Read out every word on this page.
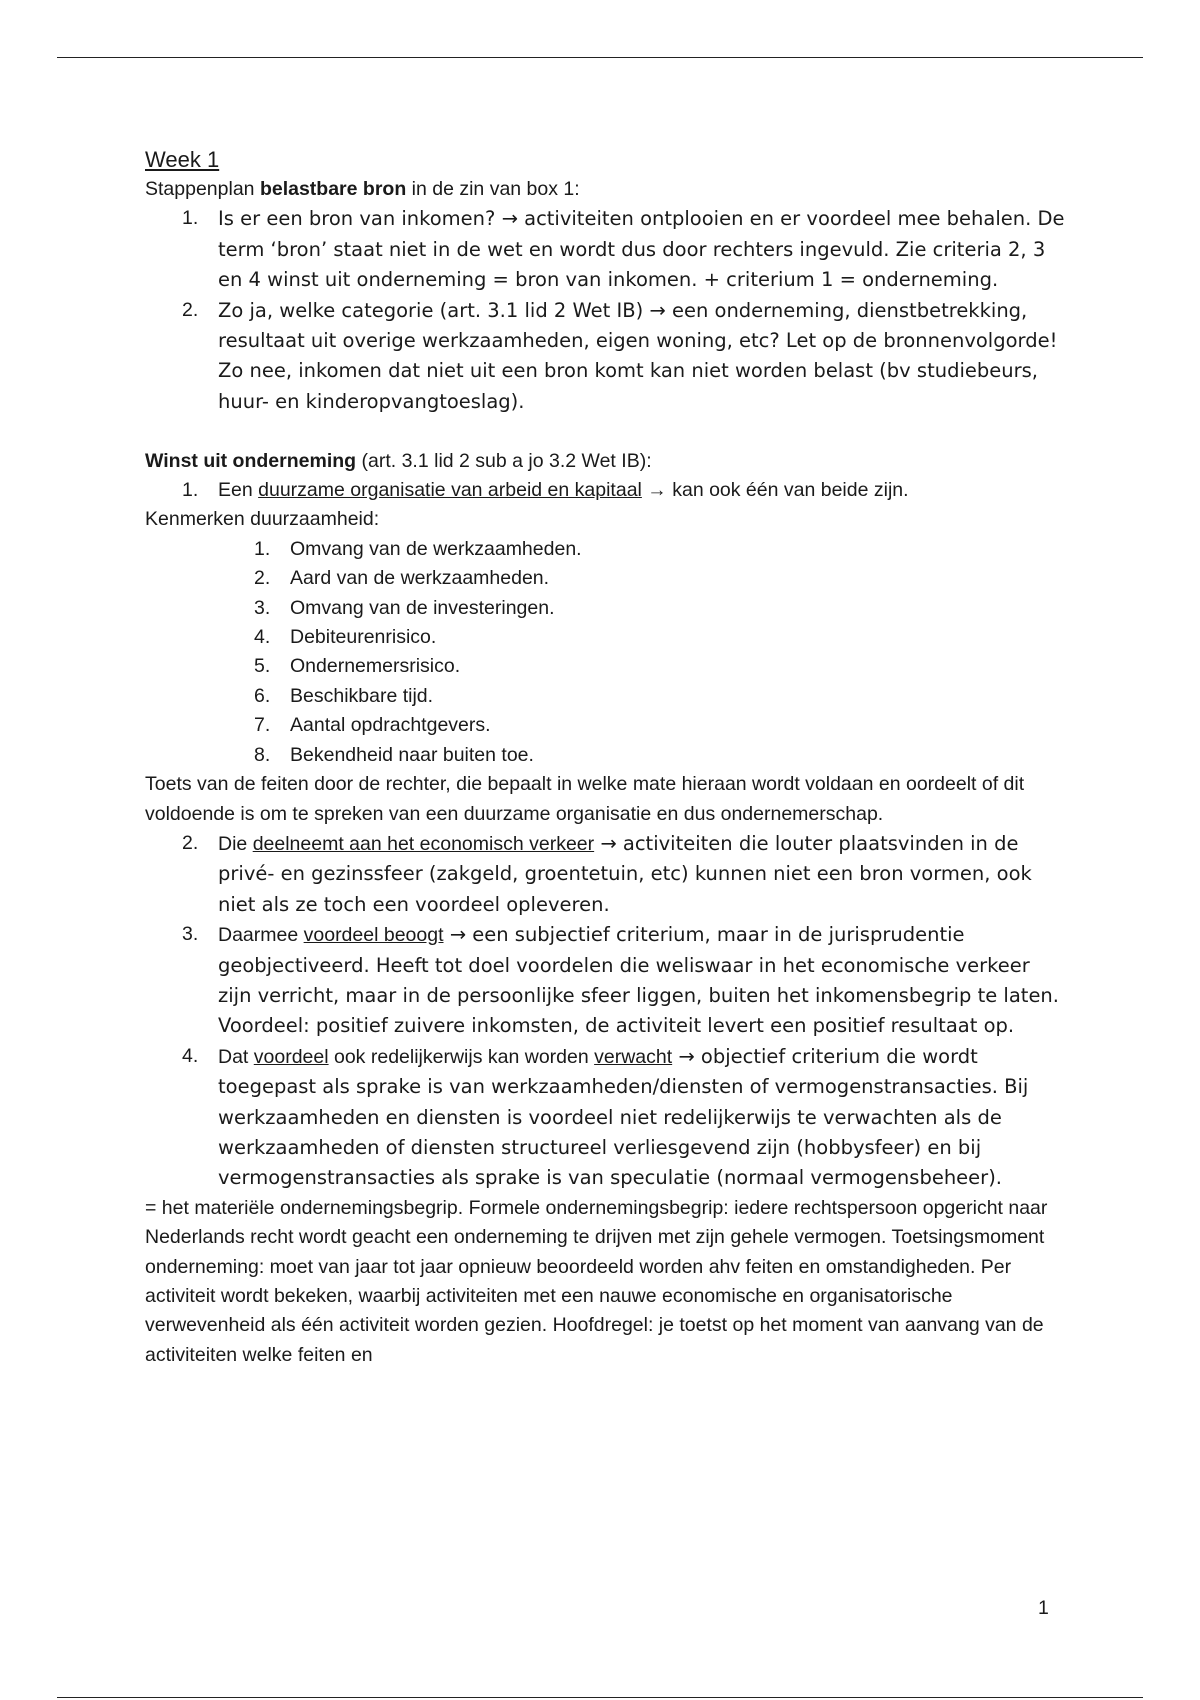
Week 1

Stappenplan belastbare bron in de zin van box 1:

1.	Is er een bron van inkomen? → activiteiten ontplooien en er voordeel mee behalen. De term ‘bron’ staat niet in de wet en wordt dus door rechters ingevuld. Zie criteria 2, 3 en 4 winst uit onderneming = bron van inkomen. + criterium 1 = onderneming.
2.	Zo ja, welke categorie (art. 3.1 lid 2 Wet IB) → een onderneming, dienstbetrekking, resultaat uit overige werkzaamheden, eigen woning, etc? Let op de bronnenvolgorde! Zo nee, inkomen dat niet uit een bron komt kan niet worden belast (bv studiebeurs, huur- en kinderopvangtoeslag).

Winst uit onderneming (art. 3.1 lid 2 sub a jo 3.2 Wet IB):

1.	Een duurzame organisatie van arbeid en kapitaal → kan ook één van beide zijn.

Kenmerken duurzaamheid:

1.	Omvang van de werkzaamheden.
2.	Aard van de werkzaamheden.
3.	Omvang van de investeringen.
4.	Debiteurenrisico.
5.	Ondernemersrisico.
6.	Beschikbare tijd.
7.	Aantal opdrachtgevers.
8.	Bekendheid naar buiten toe.

Toets van de feiten door de rechter, die bepaalt in welke mate hieraan wordt voldaan en oordeelt of dit voldoende is om te spreken van een duurzame organisatie en dus ondernemerschap.

2.	Die deelneemt aan het economisch verkeer → activiteiten die louter plaatsvinden in de privé- en gezinssfeer (zakgeld, groentetuin, etc) kunnen niet een bron vormen, ook niet als ze toch een voordeel opleveren.
3.	Daarmee voordeel beoogt → een subjectief criterium, maar in de jurisprudentie geobjectiveerd. Heeft tot doel voordelen die weliswaar in het economische verkeer zijn verricht, maar in de persoonlijke sfeer liggen, buiten het inkomensbegrip te laten. Voordeel: positief zuivere inkomsten, de activiteit levert een positief resultaat op.
4.	Dat voordeel ook redelijkerwijs kan worden verwacht → objectief criterium die wordt toegepast als sprake is van werkzaamheden/diensten of vermogenstransacties. Bij werkzaamheden en diensten is voordeel niet redelijkerwijs te verwachten als de werkzaamheden of diensten structureel verliesgevend zijn (hobbysfeer) en bij vermogenstransacties als sprake is van speculatie (normaal vermogensbeheer).

= het materiële ondernemingsbegrip. Formele ondernemingsbegrip: iedere rechtspersoon opgericht naar Nederlands recht wordt geacht een onderneming te drijven met zijn gehele vermogen. Toetsingsmoment onderneming: moet van jaar tot jaar opnieuw beoordeeld worden ahv feiten en omstandigheden. Per activiteit wordt bekeken, waarbij activiteiten met een nauwe economische en organisatorische verwevenheid als één activiteit worden gezien. Hoofdregel: je toetst op het moment van aanvang van de activiteiten welke feiten en

1
